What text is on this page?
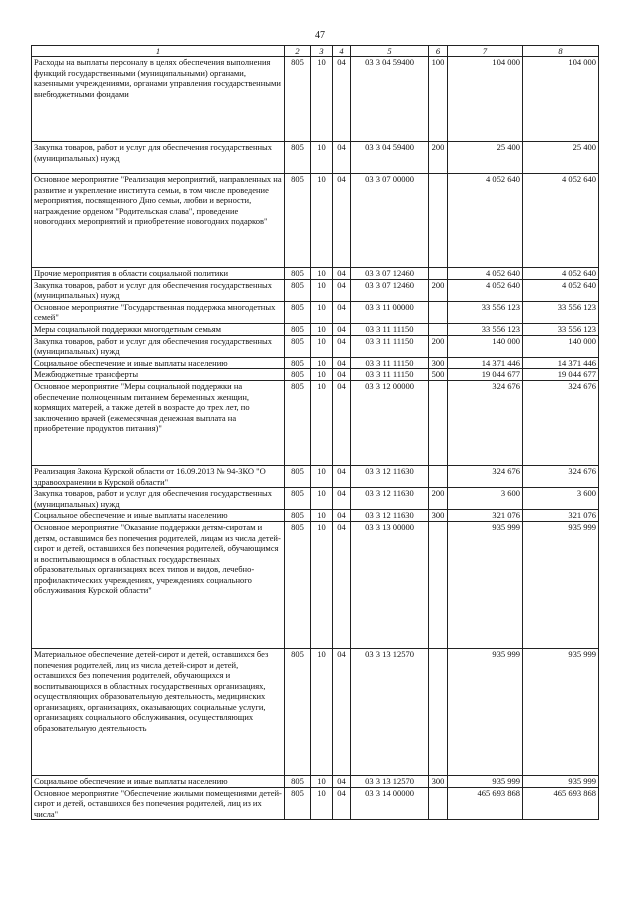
47
1	2	3	4	5	6	7	8
Расходы на выплаты персоналу в целях обеспечения выполнения функций государственными (муниципальными) органами, казенными учреждениями, органами управления государственными внебюджетными фондами	805	10	04	03 3 04 59400	100	104 000	104 000
Закупка товаров, работ и услуг для обеспечения государственных (муниципальных) нужд	805	10	04	03 3 04 59400	200	25 400	25 400
Основное мероприятие "Реализация мероприятий, направленных на развитие и укрепление института семьи, в том числе проведение мероприятия, посвященного Дню семьи, любви и верности, награждение орденом "Родительская слава", проведение новогодних мероприятий и приобретение новогодних подарков"	805	10	04	03 3 07 00000		4 052 640	4 052 640
Прочие мероприятия в области социальной политики	805	10	04	03 3 07 12460		4 052 640	4 052 640
Закупка товаров, работ и услуг для обеспечения государственных (муниципальных) нужд	805	10	04	03 3 07 12460	200	4 052 640	4 052 640
Основное мероприятие "Государственная поддержка многодетных семей"	805	10	04	03 3 11 00000		33 556 123	33 556 123
Меры социальной поддержки многодетным семьям	805	10	04	03 3 11 11150		33 556 123	33 556 123
Закупка товаров, работ и услуг для обеспечения государственных (муниципальных) нужд	805	10	04	03 3 11 11150	200	140 000	140 000
Социальное обеспечение и иные выплаты населению	805	10	04	03 3 11 11150	300	14 371 446	14 371 446
Межбюджетные трансферты	805	10	04	03 3 11 11150	500	19 044 677	19 044 677
Основное мероприятие "Меры социальной поддержки на обеспечение полноценным питанием беременных женщин, кормящих матерей, а также детей в возрасте до трех лет, по заключению врачей (ежемесячная денежная выплата на приобретение продуктов питания)"	805	10	04	03 3 12 00000		324 676	324 676
Реализация Закона Курской области от 16.09.2013 № 94-ЗКО "О здравоохранении в Курской области"	805	10	04	03 3 12 11630		324 676	324 676
Закупка товаров, работ и услуг для обеспечения государственных (муниципальных) нужд	805	10	04	03 3 12 11630	200	3 600	3 600
Социальное обеспечение и иные выплаты населению	805	10	04	03 3 12 11630	300	321 076	321 076
Основное мероприятие "Оказание поддержки детям-сиротам и детям, оставшимся без попечения родителей, лицам из числа детей-сирот и детей, оставшихся без попечения родителей, обучающимся и воспитывающимся в областных государственных образовательных организациях всех типов и видов, лечебно-профилактических учреждениях, учреждениях социального обслуживания Курской области"	805	10	04	03 3 13 00000		935 999	935 999
Материальное обеспечение детей-сирот и детей, оставшихся без попечения родителей, лиц из числа детей-сирот и детей, оставшихся без попечения родителей, обучающихся и воспитывающихся в областных государственных организациях, осуществляющих образовательную деятельность, медицинских организациях, организациях, оказывающих социальные услуги, организациях социального обслуживания, осуществляющих образовательную деятельность	805	10	04	03 3 13 12570		935 999	935 999
Социальное обеспечение и иные выплаты населению	805	10	04	03 3 13 12570	300	935 999	935 999
Основное мероприятие "Обеспечение жилыми помещениями детей-сирот и детей, оставшихся без попечения родителей, лиц из их числа"	805	10	04	03 3 14 00000		465 693 868	465 693 868
